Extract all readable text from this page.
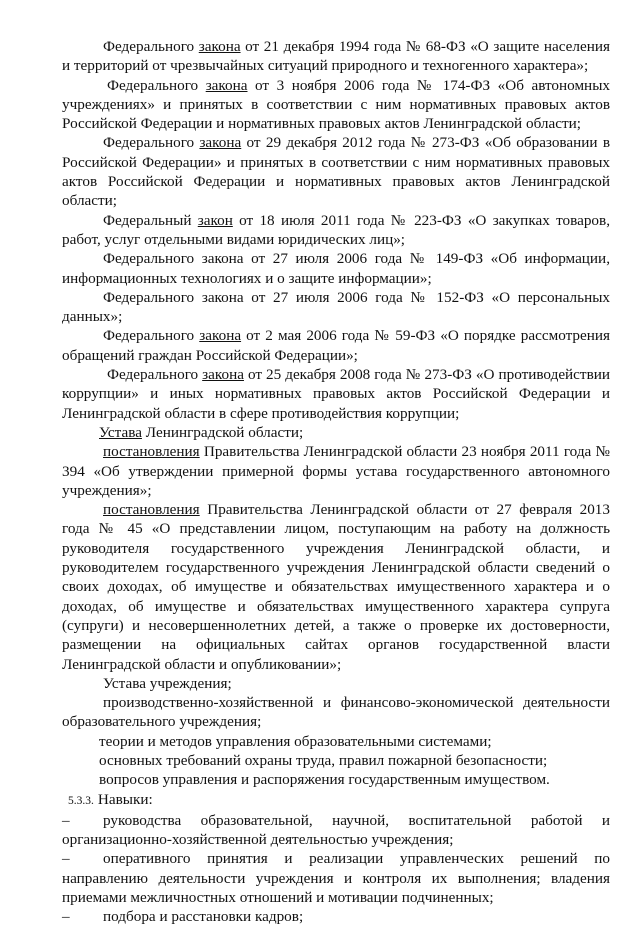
Федерального закона от 21 декабря 1994 года № 68-ФЗ «О защите населения и территорий от чрезвычайных ситуаций природного и техногенного характера»;

Федерального закона от 3 ноября 2006 года № 174-ФЗ «Об автономных учреждениях» и принятых в соответствии с ним нормативных правовых актов Российской Федерации и нормативных правовых актов Ленинградской области;

Федерального закона от 29 декабря 2012 года № 273-ФЗ «Об образовании в Российской Федерации» и принятых в соответствии с ним нормативных правовых актов Российской Федерации и нормативных правовых актов Ленинградской области;

Федеральный закон от 18 июля 2011 года № 223-ФЗ «О закупках товаров, работ, услуг отдельными видами юридических лиц»;

Федерального закона от 27 июля 2006 года № 149-ФЗ «Об информации, информационных технологиях и о защите информации»;

Федерального закона от 27 июля 2006 года № 152-ФЗ «О персональных данных»;

Федерального закона от 2 мая 2006 года № 59-ФЗ «О порядке рассмотрения обращений граждан Российской Федерации»;

Федерального закона от 25 декабря 2008 года № 273-ФЗ «О противодействии коррупции» и иных нормативных правовых актов Российской Федерации и Ленинградской области в сфере противодействия коррупции;

Устава Ленинградской области;

постановления Правительства Ленинградской области 23 ноября 2011 года № 394 «Об утверждении примерной формы устава государственного автономного учреждения»;

постановления Правительства Ленинградской области от 27 февраля 2013 года № 45 «О представлении лицом, поступающим на работу на должность руководителя государственного учреждения Ленинградской области, и руководителем государственного учреждения Ленинградской области сведений о своих доходах, об имуществе и обязательствах имущественного характера и о доходах, об имуществе и обязательствах имущественного характера супруга (супруги) и несовершеннолетних детей, а также о проверке их достоверности, размещении на официальных сайтах органов государственной власти Ленинградской области и опубликовании»;

Устава учреждения;

производственно-хозяйственной и финансово-экономической деятельности образовательного учреждения;

теории и методов управления образовательными системами;

основных требований охраны труда, правил пожарной безопасности;

вопросов управления и распоряжения государственным имуществом.

5.3.3. Навыки:

– руководства образовательной, научной, воспитательной работой и организационно-хозяйственной деятельностью учреждения;

– оперативного принятия и реализации управленческих решений по направлению деятельности учреждения и контроля их выполнения; владения приемами межличностных отношений и мотивации подчиненных;

– подбора и расстановки кадров;
